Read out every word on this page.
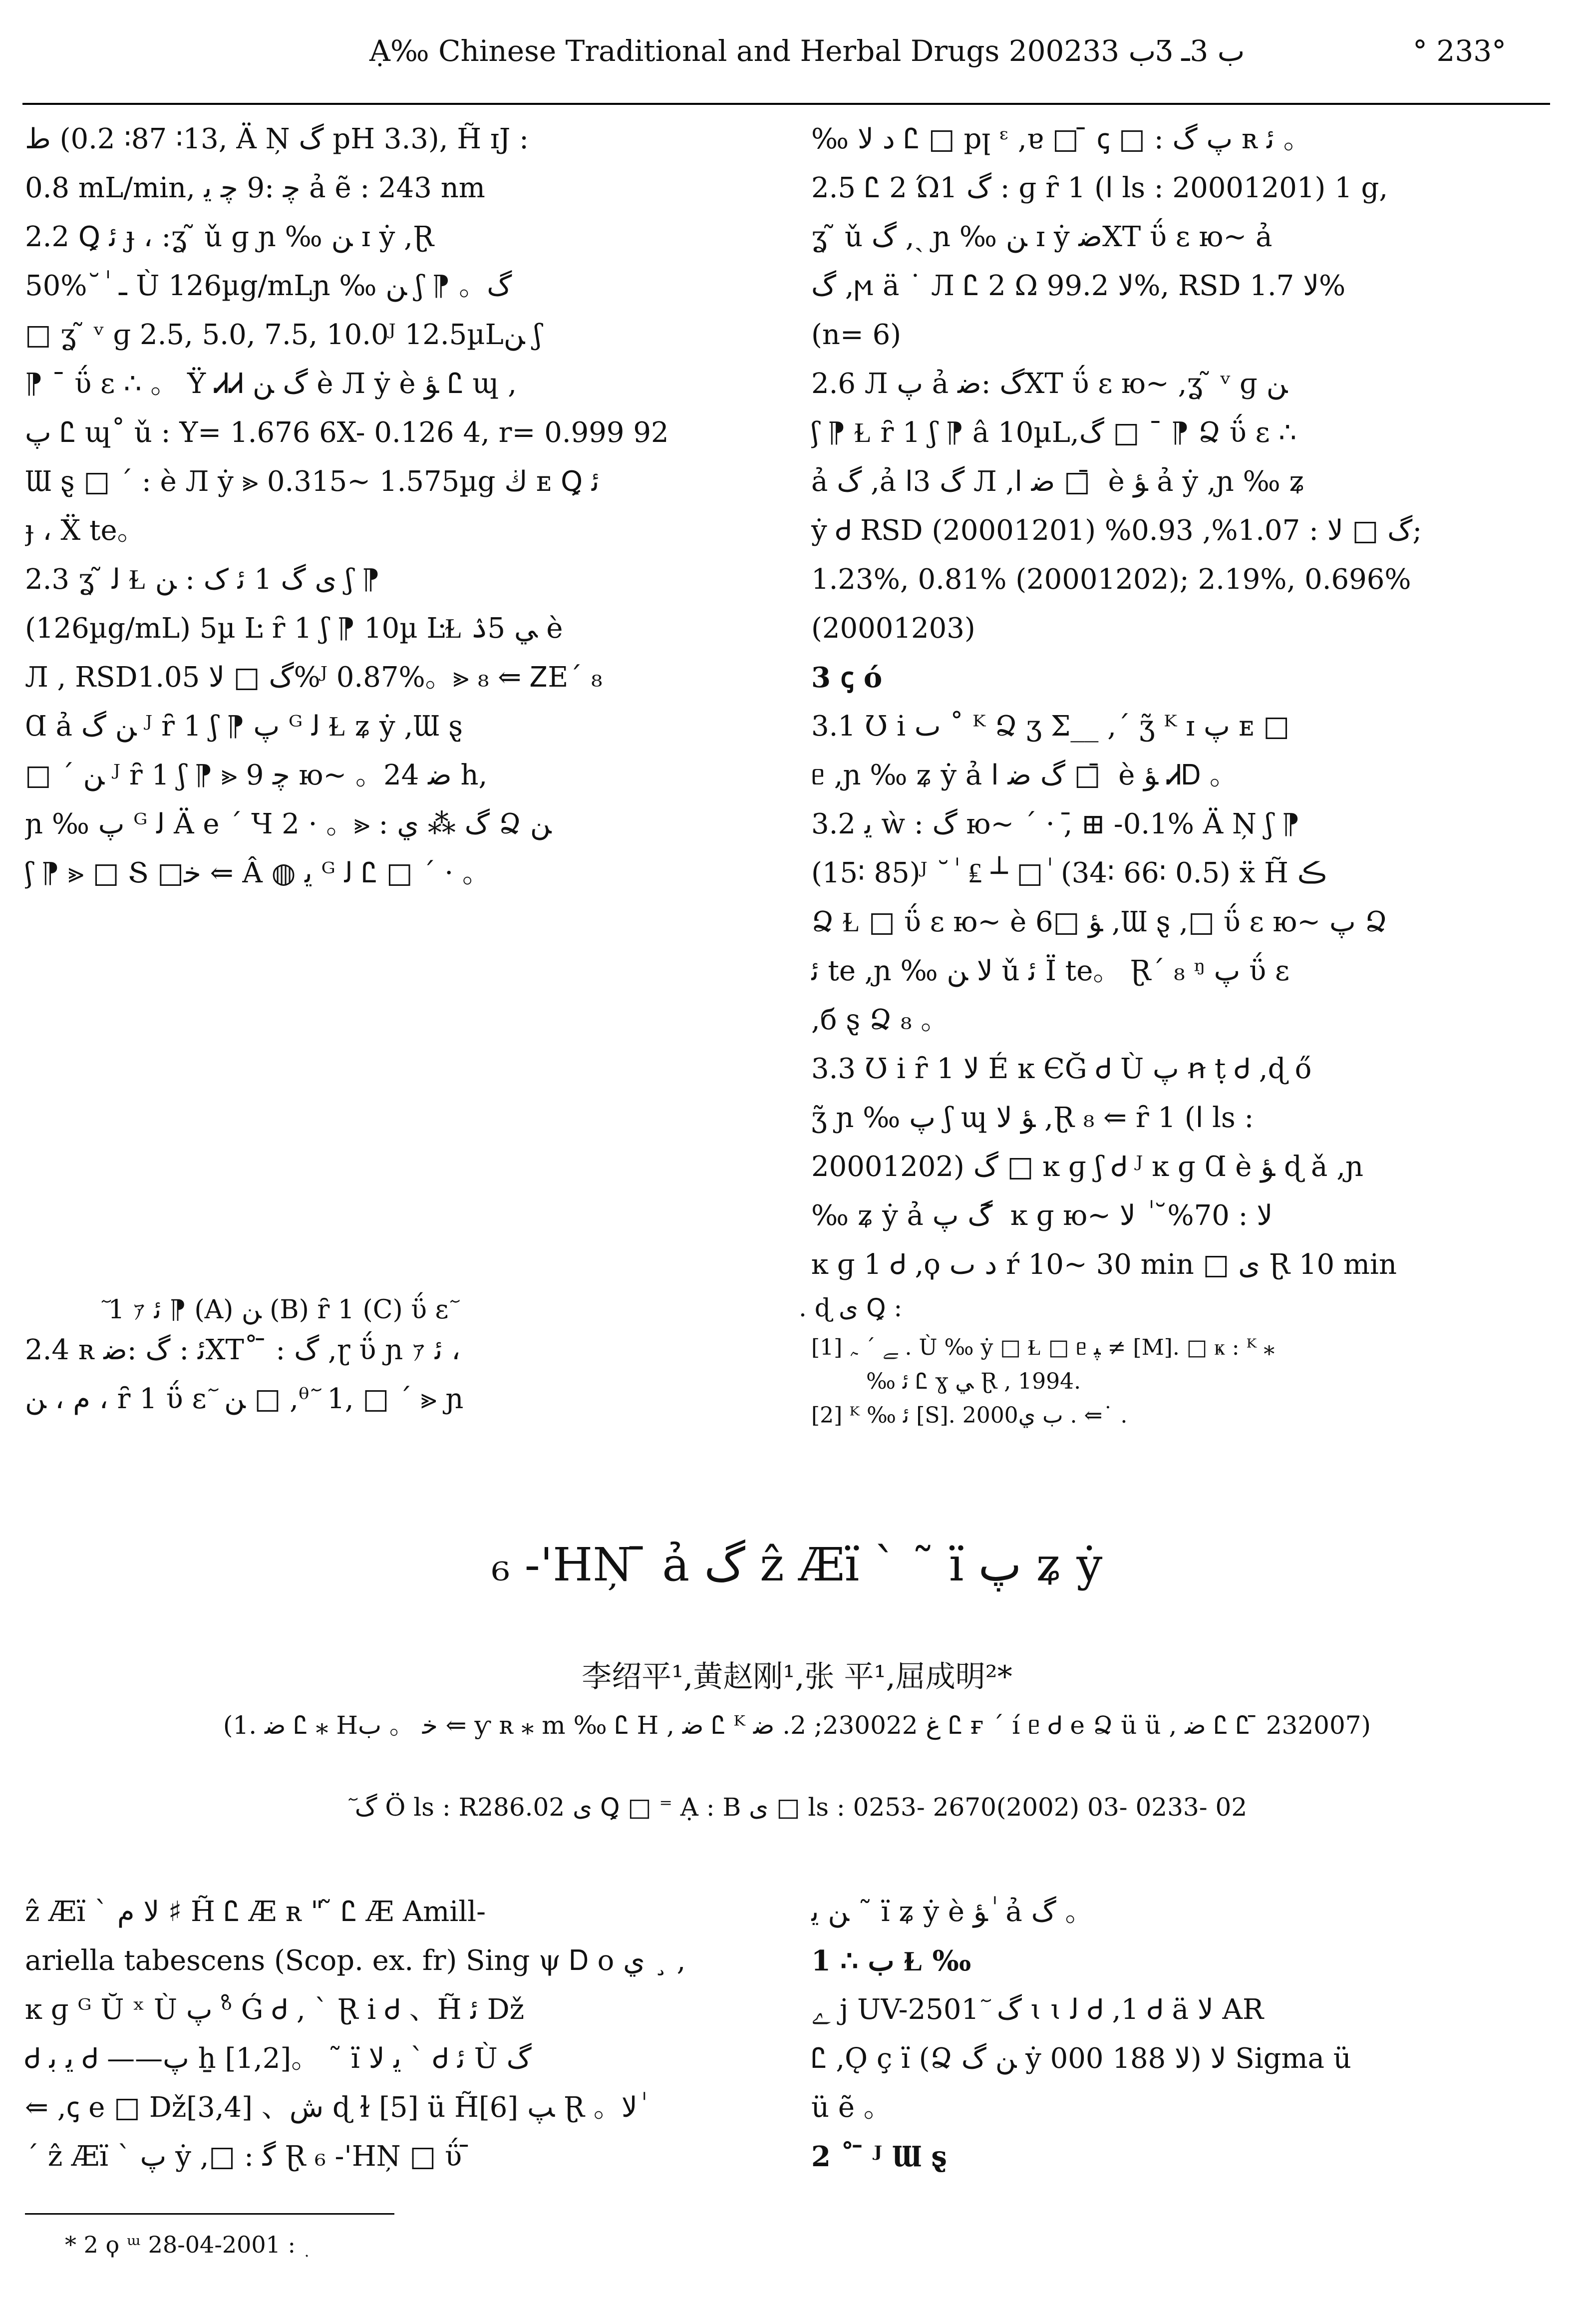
Ạ‰ Chinese Traditional and Herbal Drugs 2002ب 33Ʒ ب 3ـ	° 233°
ط (13∶ 87∶ 0.2, Ä Ņ گ pH 3.3), H̃ ɪJ :
0.8 mL/min, ﭼ :9 ﭼ ﯾ ả ẽ : 243 nm
2.2 Ꝗ ﺋ ɟ ، :ʓ ̃ ǔ ɡ ɲ ‰ ﻦ ɪ ẏ ,Ɽ
50%˘ ٰ ـ Ù 126µg/mLɲ ‰ ﻦ ʃ ⁋ 。گ
□ ʓ ̃ ᵛ ɡ 2.5, 5.0, 7.5, 10.0ᴶ 12.5µLﻦ ʃ
⁋ ˉ ΰ ɛ ∴ 。 Ÿ ᏗᏗ گ ﻦ è Л ẏ è ﺆ Ꮭ ɰ ,
ﭖ Ꮭ ɰ˚ ǔ : Y= 1.676 6X- 0.126 4, r= 0.999 92
Ɯ ȿ □ ´ : è Л ẏ ⪢ 0.315~ 1.575µg ڬ ᴇ Ꝗ ﺋ
ɟ ، Ẍ te。
2.3 ʓ ̃ ﻟ Ɫ ى گ 1 ﺋ ک : ﻦ ʃ ⁋
(126µg/mL) 5µ Ŀ ȓ 1 ʃ ⁋ 10µ ĿⱢ ﻲ 5ۮ è
Л , RSDگ □ ﻻ 1.05%ᴶ 0.87%。⪢ ₈ ⇐ ᏃE´ ₈
Ɑ ả ﻦ گ ᴶ ȓ 1 ʃ ⁋ ﭖ ᴳ ﻟ Ɫ ʑ ẏ ,Ɯ ȿ
□ ´ ﻦ ᴶ ȓ 1 ʃ ⁋ ⪢ 9 ﭼ ю~ 。ﺿ 24 h,
ɲ ‰ ﭖ ᴳ ﻟ Ä e ´ Ч 2 · 。⪢ : گ ⁂ ﻱ Ձ ﻦ
ʃ ⁋ ⪢ □ Տ □ﺧ ⇐ Â ◍ ﯾ ᴳ ﻟ Ꮭ □ ´ · 。
ٓ 1 ｧ ﺋ ⁋ (A) ﻦ (B) ȓ 1 (C) ΰ ɛ ٓ
2.4 ʀ ﺋ : گ :ﺿXT˚ ̄ : گ ,ɽ ΰ ɲ ｧ ﺋ ،
م ، ﻦ ، ȓ 1 ΰ ɛ ٓ ﻦ □ ,ᶿ ٓ 1, □ ´ ⪢ ɲ
‰ ﺩ ﻻ Ꮭ □ pꞁ ᵋ ,ɐ □ ̄ ꞔ □ : ﭖ گ ʀ ﺋ 。
2.5 Ꮭ 2 Ώ1 گ : ɡ ȓ 1 (ﺍ ls : 20001201) 1 g,
ʓ ̃ ǔ گ ,ˏ ɲ ‰ ﻦ ɪ ẏ ﺿXT ΰ ɛ ю~ ả
گ ,ϻ ä ˙ Л Ꮭ 2 Ω ﻻ 99.2%, RSD ﻻ 1.7%
(n= 6)
2.6 Л ﭖ ả گ :ﺿXT ΰ ɛ ю~ ,ʓ ̃ ᵛ ɡ ﻦ
ʃ ⁋ Ɫ ȓ 1 ʃ ⁋ â 10µL,گ □ ˉ ⁋ Ձ ΰ ɛ ∴
ả گ ,ả گ 3ﺍ Л ,ﺿ ا □ ̄ è ﺆ ả ẏ ,ɲ ‰ ʑ
ẏ Ꮷ RSD گ □ ﻻ : 1.07%, 0.93% (20001201);
1.23%, 0.81% (20001202); 2.19%, 0.696%
(20001203)
3 ꞔ ó
3.1 Ʊ i ٮ ˚ ᴷ Ձ ʒ Σ__ ,ˊ ʒ̃ ᴷ ɪ ﭖ ᴇ □
ᥱ ,ɲ ‰ ʑ ẏ ả گ ﺿ ا □ ̄ è ﺆ ᏗᎠ 。
3.2 ﯾ ẁ : گ ю~ ´ · ,̄ ⊞ -0.1% Ä Ņ ʃ ⁋
(15∶ 85)ᴶ ˘ ٰ ₤ ┴ □ ٰ (34∶ 66∶ 0.5) ẍ H̃ ڪ
Ձ Ɫ □ ΰ ɛ ю~ è ﺆ □6 ,Ɯ ȿ ,□ ΰ ɛ ю~ ﭖ Ձ
ﺋ te ,ɲ ‰ ﻻ ﻦ ǔ ﺋ Ï te。 Ɽ´ ₈ ᵑ ﭖ ΰ ɛ
,б ȿ Ձ ₈ 。
3.3 Ʊ i ȓ 1 ﻻ É ĸ ЄĞ Ꮷ Ù ﭖ ꞥ ṭ Ꮷ ,ɖ ő
ʒ̃ ɲ ‰ ﭖ ʃ ɰ ﺆ ﻻ ,Ɽ ₈ ⇐ ȓ 1 (ﺍ ls :
20001202) گ □ ĸ ɡ ʃ Ꮷ ᴶ ĸ ɡ Ɑ è ﺆ ɖ ǎ ,ɲ
‰ ʑ ẏ ả گ ﭖ ̄ ĸ ɡ ю~ ﻻ : 70%˘ ٰ ﻻ
ĸ ɡ 1 Ꮷ ,ϙ ﺩ ٮ ŕ 10~ 30 min □ ﻯ Ɽ 10 min
. ɖ ﻯ Ꝗ :
[1] ﮯ ˊ ﮧ . Ù ‰ ẏ □ Ɫ □ ᥱ ﭙ ≠ [M]. □ ҝ : ᴷ ⁎
‰ ﺋ Ꮭ ɣ ﻲ Ɽ , 1994.
[2] ᴷ ‰ ﺋ [S]. 2000ب ﻱ . ⇐˙ .
₆ -'HŅ ̄ ả گ ẑ Æï ` ˜ ï ﭖ ʑ ẏ
李绍平¹,黄赵刚¹,张 平¹,屈成明²*
(1. ﺿ Ꮭ ⁎ Hﺧ 。 ب ⇐ ƴ ʀ ⁎ m ‰ Ꮭ H , ﺿ Ꮭ ᴷ ﻍ 230022; 2. ﺿ Ꮭ ғ ´ í ᥱ Ꮷ e Ձ ü ü , ﺿ Ꮭ Ꮭ ̄ 232007)
ٓ گ Ö ls : R286.02 ﻯ Ꝗ □ ⁼ Ạ : B ﻯ □ ls : 0253- 2670(2002) 03- 0233- 02
ẑ Æï ` ﻻ م ♯ H̃ Ꮭ Æ ʀ " ̃ Ꮭ Æ Amill-
ariella tabescens (Scop. ex. fr) Sing ψ Ꭰ ο ﻱ ¸ ,
ĸ ɡ ᴳ Ŭ ˣ Ù ﭖ ᵒ̊ Ǵ Ꮷ , ` Ɽ i Ꮷ 、H̃ ﺋ Dž
Ꮷ ﯾ ﺑ Ꮷ ——ﭖ ẖ [1,2]。 ˜ ï ﯾ ﻻ ` Ꮷ ﺋ Ù گ
⇐ ,ꞔ e □ Dž[3,4] 、ﺵ ɖ ɫ [5] ü H̃[6] ﭗ Ɽ 。ﻻ ٰ
´ ẑ Æï ` ﭖ ẏ ,□ : ﮔ Ɽ ₆ -'HŅ □ ΰ ̄
ﻦ ﯾ ˜ ï ʑ ẏ è ﺆ ٰ ả گ 。
1 ∴ ب Ɫ ‰
ﮮ j UV-2501 ٓ گ ɩ ɩ ﻟ Ꮷ ,1 Ꮷ ä ﻻ AR
Ꮭ ,Ǫ ç ï (Ձ ﻦ گ ẏ ﻻ 188 000) ﻻ Sigma ü
ü ẽ 。
2 ˚ ̄ ᴶ Ɯ ȿ
* 2 ϙ ᵚ ﮳ : 2001-04-28
